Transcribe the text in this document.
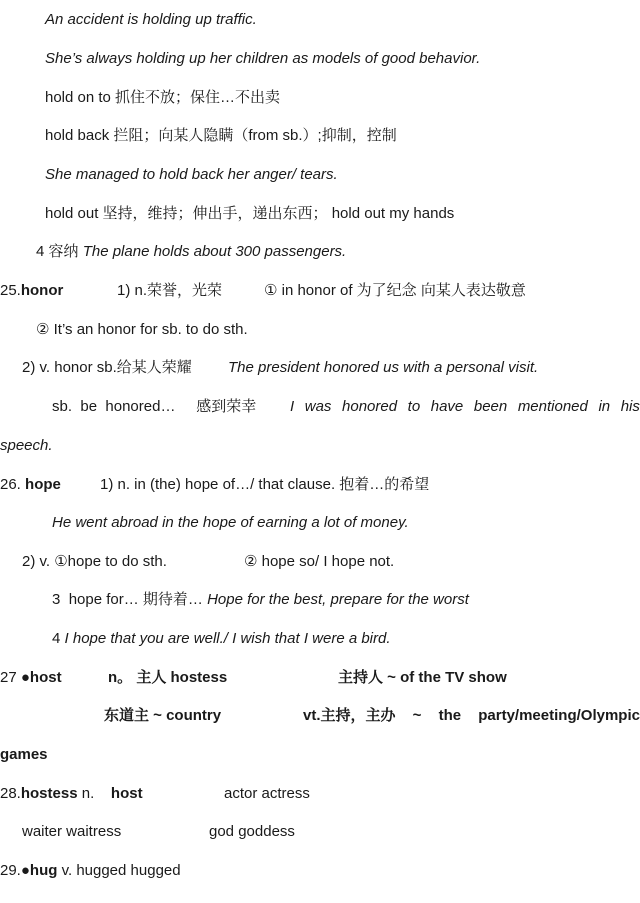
An accident is holding up traffic.
She’s always holding up her children as models of good behavior.
hold on to 抓住不放；保住…不出卖
hold back 拦阻；向某人隐瞒（from sb.）;抑制，控制
She managed to hold back her anger/ tears.
hold out 坚持，维持；伸出手，递出东西； hold out my hands
4 容纳 The plane holds about 300 passengers.
25.honor	1) n.荣誉，光荣	① in honor of 为了纪念 向某人表达敬意
② It’s an honor for sb. to do sth.
2) v. honor sb.给某人荣耀 The president honored us with a personal visit.
sb. be honored… 感到荣幸 I was honored to have been mentioned in his
speech.
26. hope	1) n. in (the) hope of…/ that clause. 抱着…的希望
He went abroad in the hope of earning a lot of money.
2) v. ①hope to do sth.	② hope so/ I hope not.
3 hope for… 期待着… Hope for the best, prepare for the worst
4 I hope that you are well./ I wish that I were a bird.
27 ●host	n。 主人 hostess	主持人 ~ of the TV show
东道主 ~ country	vt.主持，主办 ~ the party/meeting/Olympic
games
28.hostess n. host	actor actress
waiter waitress	god goddess
29.●hug v. hugged hugged
